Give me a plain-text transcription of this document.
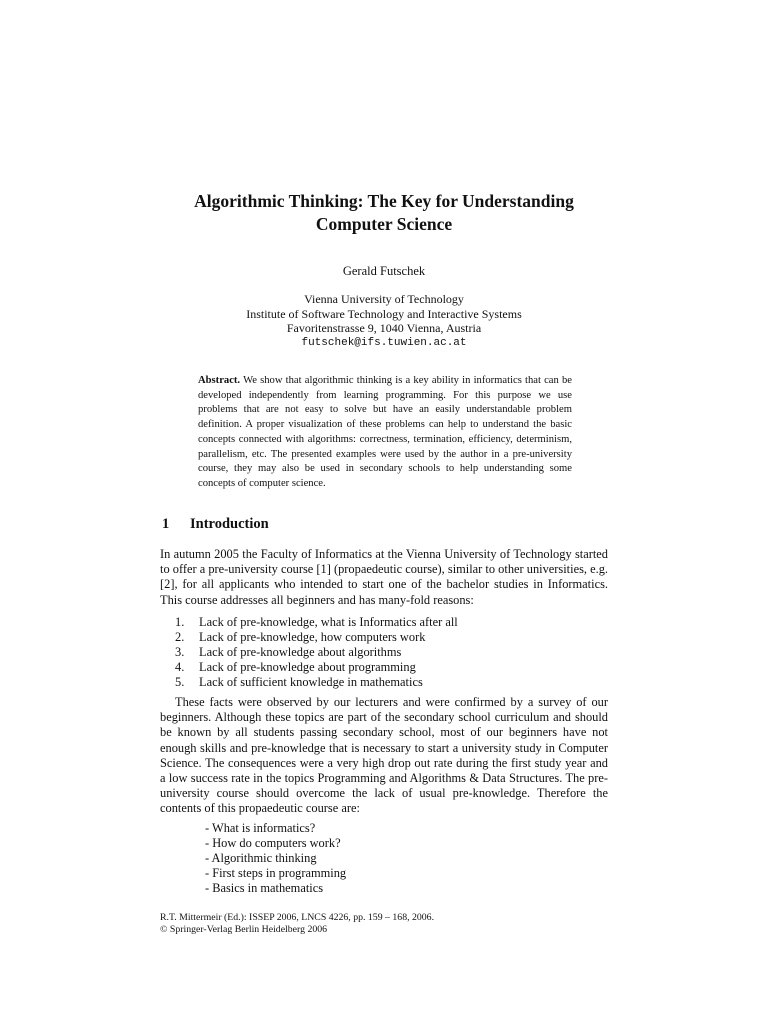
Algorithmic Thinking: The Key for Understanding
Computer Science
Gerald Futschek
Vienna University of Technology
Institute of Software Technology and Interactive Systems
Favoritenstrasse 9, 1040 Vienna, Austria
futschek@ifs.tuwien.ac.at
Abstract. We show that algorithmic thinking is a key ability in informatics that can be developed independently from learning programming. For this purpose we use problems that are not easy to solve but have an easily understandable problem definition. A proper visualization of these problems can help to understand the basic concepts connected with algorithms: correctness, termination, efficiency, determinism, parallelism, etc. The presented examples were used by the author in a pre-university course, they may also be used in secondary schools to help understanding some concepts of computer science.
1 Introduction
In autumn 2005 the Faculty of Informatics at the Vienna University of Technology started to offer a pre-university course [1] (propaedeutic course), similar to other universities, e.g. [2], for all applicants who intended to start one of the bachelor studies in Informatics. This course addresses all beginners and has many-fold reasons:
1. Lack of pre-knowledge, what is Informatics after all
2. Lack of pre-knowledge, how computers work
3. Lack of pre-knowledge about algorithms
4. Lack of pre-knowledge about programming
5. Lack of sufficient knowledge in mathematics
These facts were observed by our lecturers and were confirmed by a survey of our beginners. Although these topics are part of the secondary school curriculum and should be known by all students passing secondary school, most of our beginners have not enough skills and pre-knowledge that is necessary to start a university study in Computer Science. The consequences were a very high drop out rate during the first study year and a low success rate in the topics Programming and Algorithms & Data Structures. The pre-university course should overcome the lack of usual pre-knowledge. Therefore the contents of this propaedeutic course are:
- What is informatics?
- How do computers work?
- Algorithmic thinking
- First steps in programming
- Basics in mathematics
R.T. Mittermeir (Ed.): ISSEP 2006, LNCS 4226, pp. 159 – 168, 2006.
© Springer-Verlag Berlin Heidelberg 2006
